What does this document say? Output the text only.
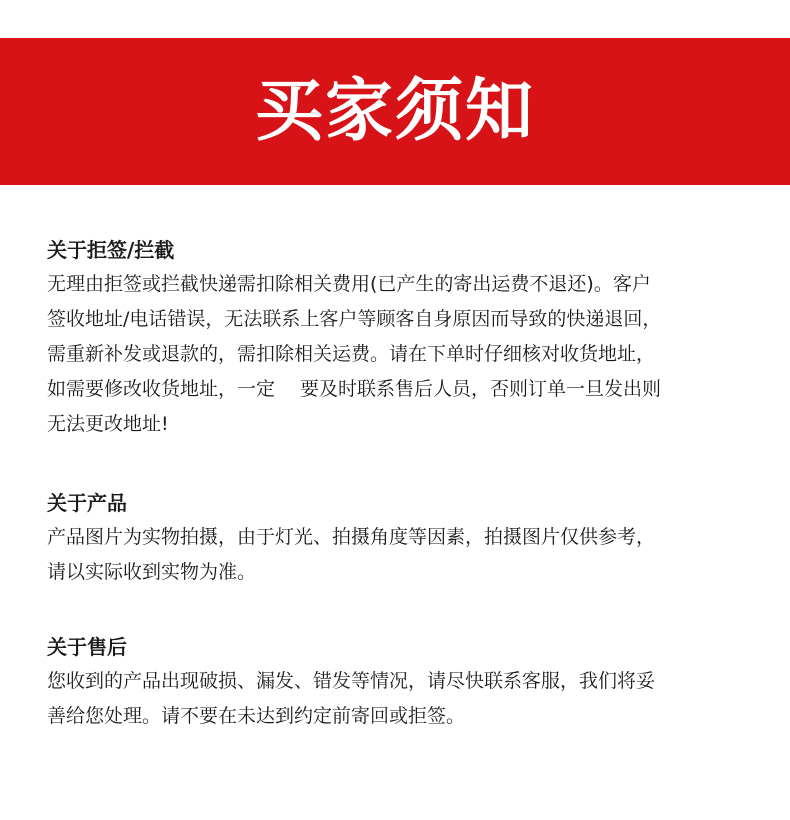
买家须知
关于拒签/拦截
无理由拒签或拦截快递需扣除相关费用(已产生的寄出运费不退还)。客户
签收地址/电话错误，无法联系上客户等顾客自身原因而导致的快递退回，
需重新补发或退款的，需扣除相关运费。请在下单时仔细核对收货地址，
如需要修改收货地址，一定　 要及时联系售后人员，否则订单一旦发出则
无法更改地址!
关于产品
产品图片为实物拍摄，由于灯光、拍摄角度等因素，拍摄图片仅供参考，
请以实际收到实物为准。
关于售后
您收到的产品出现破损、漏发、错发等情况，请尽快联系客服，我们将妥
善给您处理。请不要在未达到约定前寄回或拒签。
